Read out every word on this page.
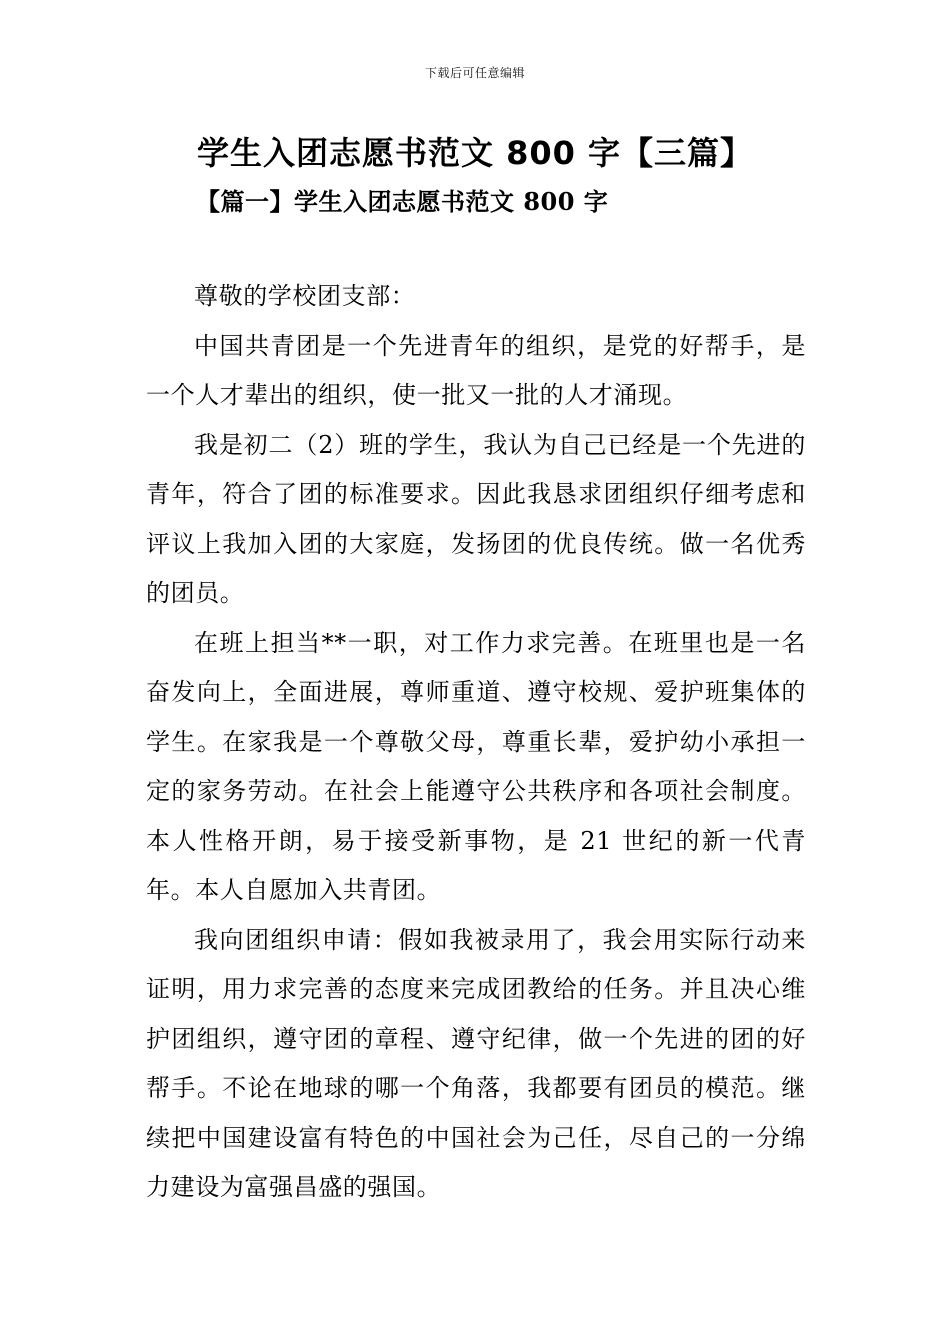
下载后可任意编辑
学生入团志愿书范文 800 字【三篇】
【篇一】学生入团志愿书范文 800 字

尊敬的学校团支部：

中国共青团是一个先进青年的组织，是党的好帮手，是一个人才辈出的组织，使一批又一批的人才涌现。

我是初二（2）班的学生，我认为自己已经是一个先进的青年，符合了团的标准要求。因此我恳求团组织仔细考虑和评议上我加入团的大家庭，发扬团的优良传统。做一名优秀的团员。

在班上担当**一职，对工作力求完善。在班里也是一名奋发向上，全面进展，尊师重道、遵守校规、爱护班集体的学生。在家我是一个尊敬父母，尊重长辈，爱护幼小承担一定的家务劳动。在社会上能遵守公共秩序和各项社会制度。本人性格开朗，易于接受新事物，是 21 世纪的新一代青年。本人自愿加入共青团。

我向团组织申请：假如我被录用了，我会用实际行动来证明，用力求完善的态度来完成团教给的任务。并且决心维护团组织，遵守团的章程、遵守纪律，做一个先进的团的好帮手。不论在地球的哪一个角落，我都要有团员的模范。继续把中国建设富有特色的中国社会为己任，尽自己的一分绵力建设为富强昌盛的强国。
